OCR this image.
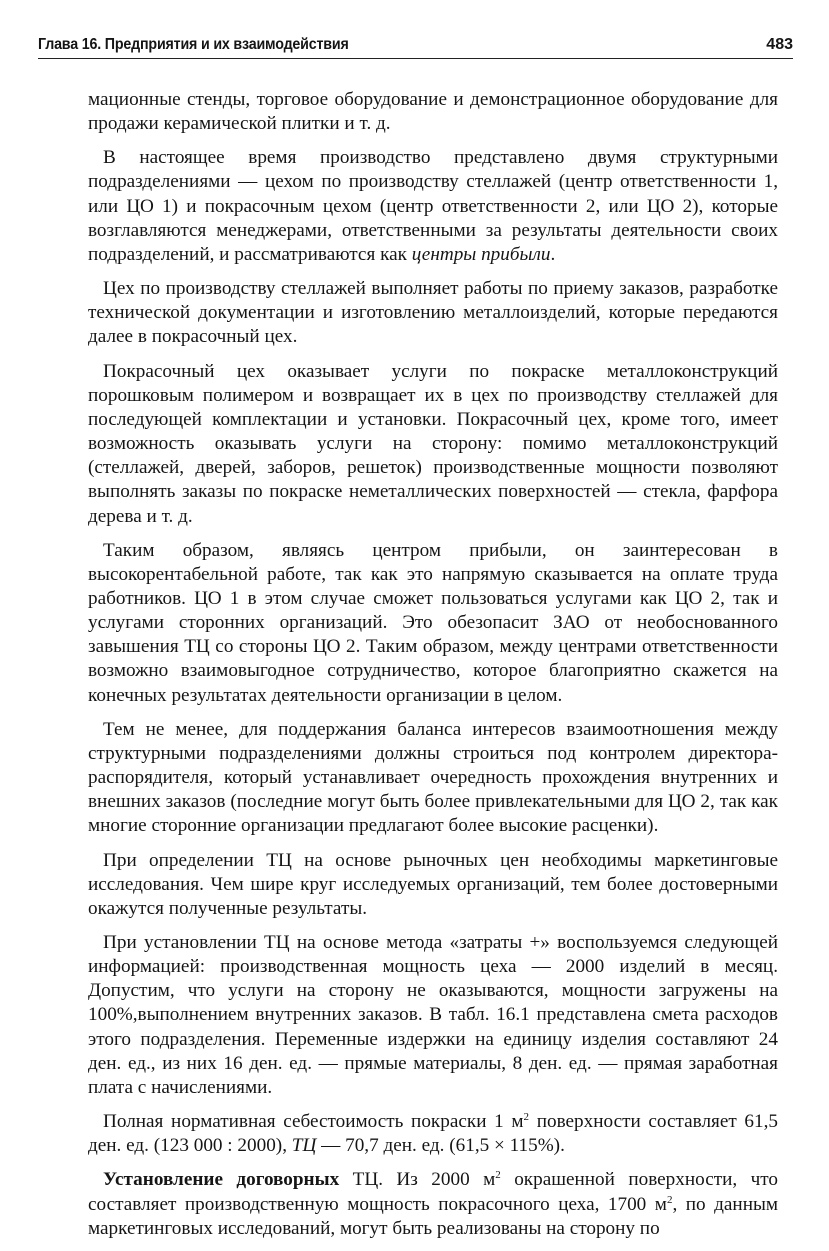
Глава 16. Предприятия и их взаимодействия	483

мационные стенды, торговое оборудование и демонстрационное оборудование для продажи керамической плитки и т. д.

В настоящее время производство представлено двумя структурными подразделениями — цехом по производству стеллажей (центр ответственности 1, или ЦО 1) и покрасочным цехом (центр ответственности 2, или ЦО 2), которые возглавляются менеджерами, ответственными за результаты деятельности своих подразделений, и рассматриваются как центры прибыли.

Цех по производству стеллажей выполняет работы по приему заказов, разработке технической документации и изготовлению металлоизделий, которые передаются далее в покрасочный цех.

Покрасочный цех оказывает услуги по покраске металлоконструкций порошковым полимером и возвращает их в цех по производству стеллажей для последующей комплектации и установки. Покрасочный цех, кроме того, имеет возможность оказывать услуги на сторону: помимо металлоконструкций (стеллажей, дверей, заборов, решеток) производственные мощности позволяют выполнять заказы по покраске неметаллических поверхностей — стекла, фарфора дерева и т. д.

Таким образом, являясь центром прибыли, он заинтересован в высокорентабельной работе, так как это напрямую сказывается на оплате труда работников. ЦО 1 в этом случае сможет пользоваться услугами как ЦО 2, так и услугами сторонних организаций. Это обезопасит ЗАО от необоснованного завышения ТЦ со стороны ЦО 2. Таким образом, между центрами ответственности возможно взаимовыгодное сотрудничество, которое благоприятно скажется на конечных результатах деятельности организации в целом.

Тем не менее, для поддержания баланса интересов взаимоотношения между структурными подразделениями должны строиться под контролем директора-распорядителя, который устанавливает очередность прохождения внутренних и внешних заказов (последние могут быть более привлекательными для ЦО 2, так как многие сторонние организации предлагают более высокие расценки).

При определении ТЦ на основе рыночных цен необходимы маркетинговые исследования. Чем шире круг исследуемых организаций, тем более достоверными окажутся полученные результаты.

При установлении ТЦ на основе метода «затраты +» воспользуемся следующей информацией: производственная мощность цеха — 2000 изделий в месяц. Допустим, что услуги на сторону не оказываются, мощности загружены на 100%,выполнением внутренних заказов. В табл. 16.1 представлена смета расходов этого подразделения. Переменные издержки на единицу изделия составляют 24 ден. ед., из них 16 ден. ед. — прямые материалы, 8 ден. ед. — прямая заработная плата с начислениями.

Полная нормативная себестоимость покраски 1 $м^2$ поверхности составляет 61,5 ден. ед. (123 000 : 2000), ТЦ — 70,7 ден. ед. (61,5 × 115%).

Установление договорных ТЦ. Из 2000 $м^2$ окрашенной поверхности, что составляет производственную мощность покрасочного цеха, 1700 $м^2$, по данным маркетинговых исследований, могут быть реализованы на сторону по
